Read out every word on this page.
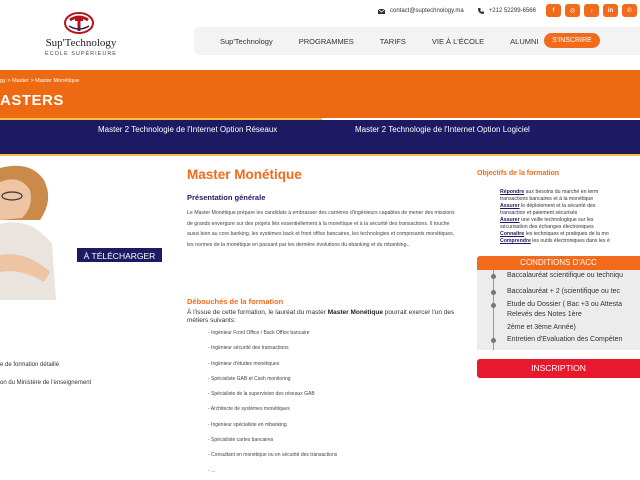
Sup'Technology
ÉCOLE SUPÉRIEURE
contact@suptechnology.ma	+212 52299-6566	f	◎	♪	in	✆
Sup'Technology	PROGRAMMES	TARIFS	VIE À L'ÉCOLE	ALUMNI	S'INSCRIRE
gy > Master > Master Monétique
ASTERS
Master 2 Technologie de l'Internet Option Réseaux	Master 2 Technologie de l'Internet Option Logiciel
À TÉLÉCHARGER
e de formation détaillé
on du Ministère de l'enseignement
Master Monétique
Présentation générale
Le Master Monétique prépare les candidats à embrasser des carrières d'ingénieurs capables de mener des missions de grands envergure sur des projets liés essentiellement à la monétique et à la sécurité des transactions. Il touche aussi bien au core banking, les systèmes back et front office bancaires, les technologies et composants monétiques, les normes de la monétique en passant par les dernière évolutions du ebanking et du mbanking..
Débouchés de la formation
À l'issue de cette formation, le lauréat du master Master Monétique pourrait exercer l'un des métiers suivants:
- Ingénieur Front Office / Back Office bancaire
- Ingénieur sécurité des transactions
- Ingénieur d'études monétiques
- Spécialiste GAB et Cash monitoring
- Spécialiste de la supervision des réseaux GAB
- Architecte de systèmes monétiques
- Ingénieur spécialiste en mbanking
- Spécialiste cartes bancaires
- Consultant en monétique ou en sécurité des transactions
- ...
Objectifs de la formation
Répondre aux besoins du marché en term
transactions bancaires et à la monétique
Assurer le déploiement et la sécurité des
transaction et paiement sécurisés
Assurer une veille technologique sur les
sécurisation des échanges électroniques
Connaître les techniques et pratiques de la mo
Comprendre les outils électroniques dans les é
CONDITIONS D'ACC
Baccalauréat scientifique ou techniqu
Baccalauréat + 2 (scientifique ou tec
Etude du Dossier ( Bac +3 ou Attesta
Relevés des Notes 1ère
2ème et 3ème Année)
Entretien d'Evaluation des Compéten
INSCRIPTION
